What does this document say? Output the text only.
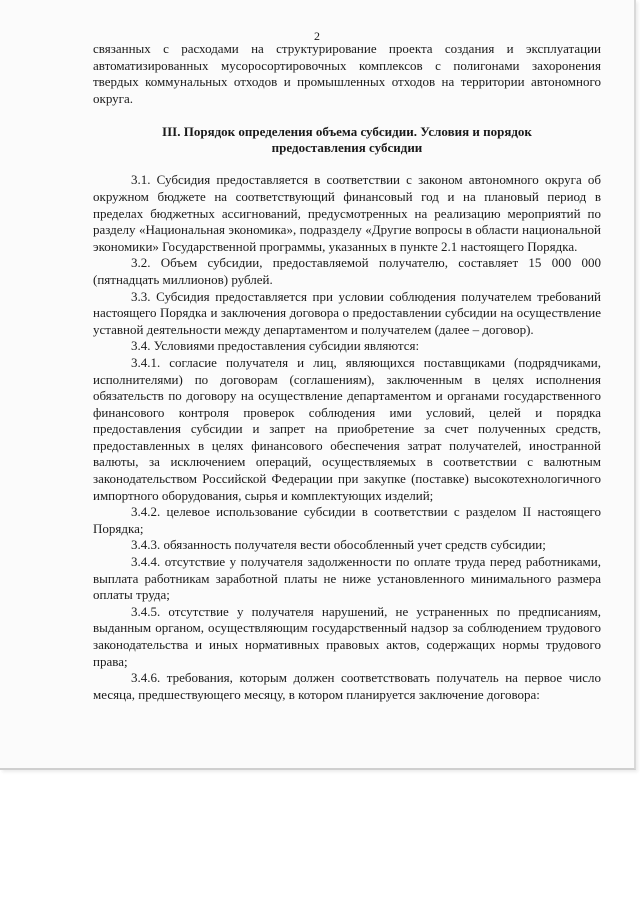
2

связанных с расходами на структурирование проекта создания и эксплуатации автоматизированных мусоросортировочных комплексов с полигонами захоронения твердых коммунальных отходов и промышленных отходов на территории автономного округа.

III. Порядок определения объема субсидии. Условия и порядок
предоставления субсидии

3.1. Субсидия предоставляется в соответствии с законом автономного округа об окружном бюджете на соответствующий финансовый год и на плановый период в пределах бюджетных ассигнований, предусмотренных на реализацию мероприятий по разделу «Национальная экономика», подразделу «Другие вопросы в области национальной экономики» Государственной программы, указанных в пункте 2.1 настоящего Порядка.

3.2. Объем субсидии, предоставляемой получателю, составляет 15 000 000 (пятнадцать миллионов) рублей.

3.3. Субсидия предоставляется при условии соблюдения получателем требований настоящего Порядка и заключения договора о предоставлении субсидии на осуществление уставной деятельности между департаментом и получателем (далее – договор).

3.4. Условиями предоставления субсидии являются:

3.4.1. согласие получателя и лиц, являющихся поставщиками (подрядчиками, исполнителями) по договорам (соглашениям), заключенным в целях исполнения обязательств по договору на осуществление департаментом и органами государственного финансового контроля проверок соблюдения ими условий, целей и порядка предоставления субсидии и запрет на приобретение за счет полученных средств, предоставленных в целях финансового обеспечения затрат получателей, иностранной валюты, за исключением операций, осуществляемых в соответствии с валютным законодательством Российской Федерации при закупке (поставке) высокотехнологичного импортного оборудования, сырья и комплектующих изделий;

3.4.2. целевое использование субсидии в соответствии с разделом II настоящего Порядка;

3.4.3. обязанность получателя вести обособленный учет средств субсидии;

3.4.4. отсутствие у получателя задолженности по оплате труда перед работниками, выплата работникам заработной платы не ниже установленного минимального размера оплаты труда;

3.4.5. отсутствие у получателя нарушений, не устраненных по предписаниям, выданным органом, осуществляющим государственный надзор за соблюдением трудового законодательства и иных нормативных правовых актов, содержащих нормы трудового права;

3.4.6. требования, которым должен соответствовать получатель на первое число месяца, предшествующего месяцу, в котором планируется заключение договора:
